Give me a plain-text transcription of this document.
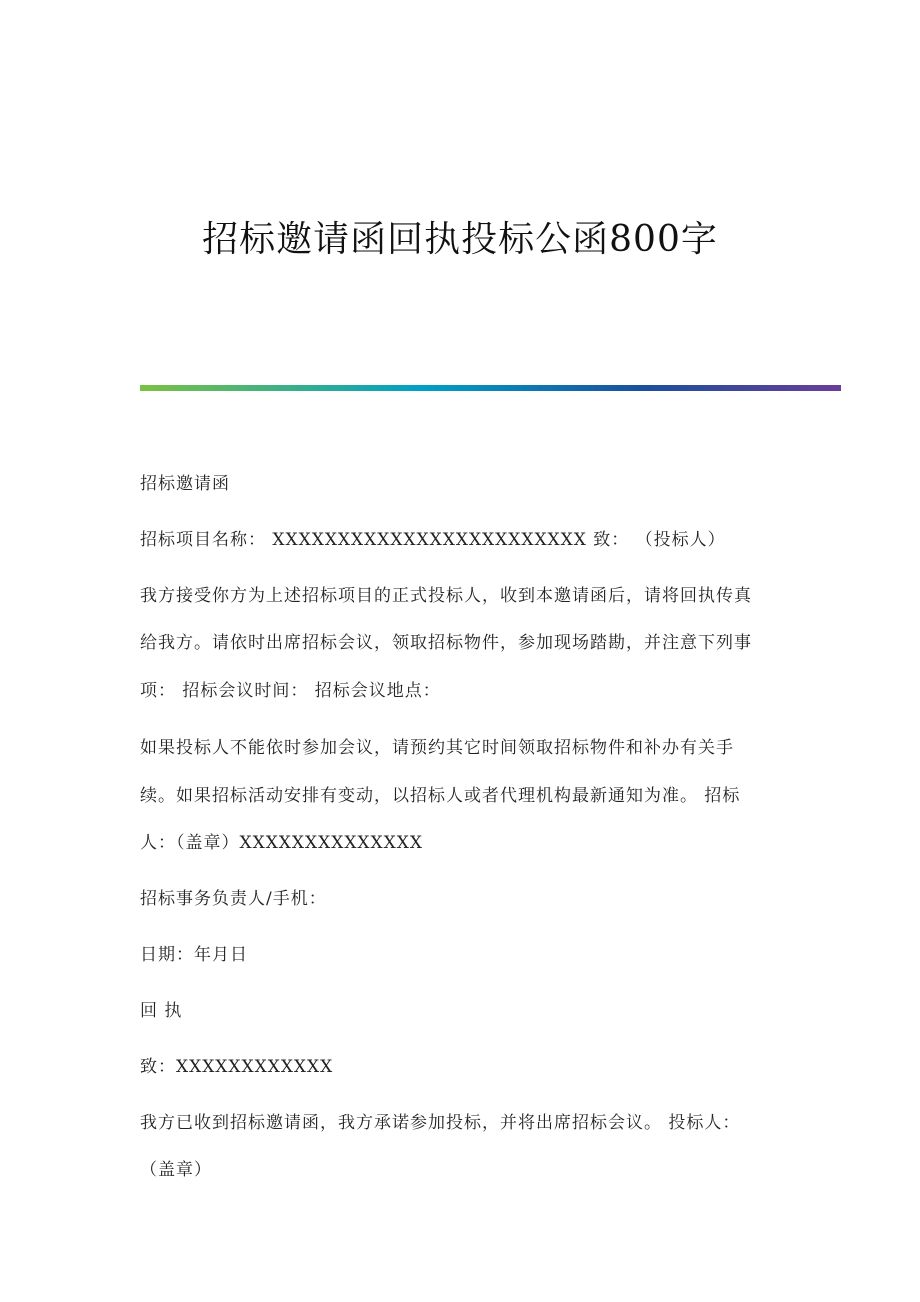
招标邀请函回执投标公函800字

招标邀请函

招标项目名称： XXXXXXXXXXXXXXXXXXXXXXXX 致： （投标人）

我方接受你方为上述招标项目的正式投标人，收到本邀请函后，请将回执传真

给我方。请依时出席招标会议，领取招标物件，参加现场踏勘，并注意下列事

项： 招标会议时间： 招标会议地点：

如果投标人不能依时参加会议，请预约其它时间领取招标物件和补办有关手

续。如果招标活动安排有变动，以招标人或者代理机构最新通知为准。 招标

人：（盖章）XXXXXXXXXXXXXX

招标事务负责人/手机：

日期：年月日

回 执

致：XXXXXXXXXXXX

我方已收到招标邀请函，我方承诺参加投标，并将出席招标会议。 投标人：

（盖章）
